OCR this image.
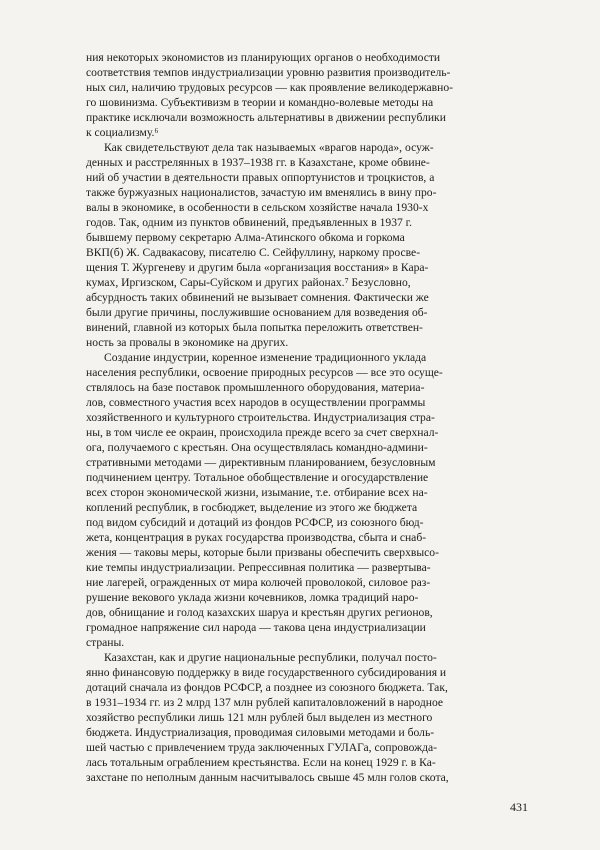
ния некоторых экономистов из планирующих органов о необходимости
соответствия темпов индустриализации уровню развития производитель-
ных сил, наличию трудовых ресурсов — как проявление великодержавно-
го шовинизма. Субъективизм в теории и командно-волевые методы на
практике исключали возможность альтернативы в движении республики
к социализму.⁶

Как свидетельствуют дела так называемых «врагов народа», осуж-
денных и расстрелянных в 1937–1938 гг. в Казахстане, кроме обвине-
ний об участии в деятельности правых оппортунистов и троцкистов, а
также буржуазных националистов, зачастую им вменялись в вину про-
валы в экономике, в особенности в сельском хозяйстве начала 1930-х
годов. Так, одним из пунктов обвинений, предъявленных в 1937 г.
бывшему первому секретарю Алма-Атинского обкома и горкома
ВКП(б) Ж. Садвакасову, писателю С. Сейфуллину, наркому просве-
щения Т. Жургеневу и другим была «организация восстания» в Кара-
кумах, Иргизском, Сары-Суйском и других районах.⁷ Безусловно,
абсурдность таких обвинений не вызывает сомнения. Фактически же
были другие причины, послужившие основанием для возведения об-
винений, главной из которых была попытка переложить ответствен-
ность за провалы в экономике на других.

Создание индустрии, коренное изменение традиционного уклада
населения республики, освоение природных ресурсов — все это осуще-
ствлялось на базе поставок промышленного оборудования, материа-
лов, совместного участия всех народов в осуществлении программы
хозяйственного и культурного строительства. Индустриализация стра-
ны, в том числе ее окраин, происходила прежде всего за счет сверхнал-
ога, получаемого с крестьян. Она осуществлялась командно-админи-
стративными методами — директивным планированием, безусловным
подчинением центру. Тотальное обобществление и огосударствление
всех сторон экономической жизни, изымание, т.е. отбирание всех на-
коплений республик, в госбюджет, выделение из этого же бюджета
под видом субсидий и дотаций из фондов РСФСР, из союзного бюд-
жета, концентрация в руках государства производства, сбыта и снаб-
жения — таковы меры, которые были призваны обеспечить сверхвысо-
кие темпы индустриализации. Репрессивная политика — развертыва-
ние лагерей, огражденных от мира колючей проволокой, силовое раз-
рушение векового уклада жизни кочевников, ломка традиций наро-
дов, обнищание и голод казахских шаруа и крестьян других регионов,
громадное напряжение сил народа — такова цена индустриализации
страны.

Казахстан, как и другие национальные республики, получал посто-
янно финансовую поддержку в виде государственного субсидирования и
дотаций сначала из фондов РСФСР, а позднее из союзного бюджета. Так,
в 1931–1934 гг. из 2 млрд 137 млн рублей капиталовложений в народное
хозяйство республики лишь 121 млн рублей был выделен из местного
бюджета. Индустриализация, проводимая силовыми методами и боль-
шей частью с привлечением труда заключенных ГУЛАГа, сопровожда-
лась тотальным ограблением крестьянства. Если на конец 1929 г. в Ка-
захстане по неполным данным насчитывалось свыше 45 млн голов скота,

431
